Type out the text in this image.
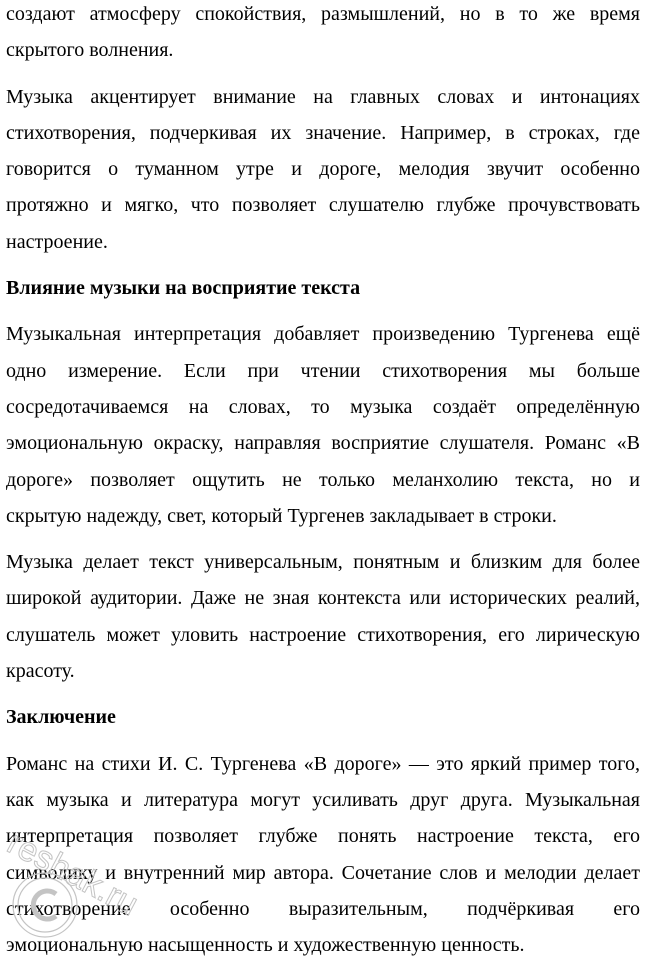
создают атмосферу спокойствия, размышлений, но в то же время
скрытого волнения.
Музыка акцентирует внимание на главных словах и интонациях
стихотворения, подчеркивая их значение. Например, в строках, где
говорится о туманном утре и дороге, мелодия звучит особенно
протяжно и мягко, что позволяет слушателю глубже прочувствовать
настроение.
Влияние музыки на восприятие текста
Музыкальная интерпретация добавляет произведению Тургенева ещё
одно измерение. Если при чтении стихотворения мы больше
сосредотачиваемся на словах, то музыка создаёт определённую
эмоциональную окраску, направляя восприятие слушателя. Романс «В
дороге» позволяет ощутить не только меланхолию текста, но и
скрытую надежду, свет, который Тургенев закладывает в строки.
Музыка делает текст универсальным, понятным и близким для более
широкой аудитории. Даже не зная контекста или исторических реалий,
слушатель может уловить настроение стихотворения, его лирическую
красоту.
Заключение
Романс на стихи И. С. Тургенева «В дороге» — это яркий пример того,
как музыка и литература могут усиливать друг друга. Музыкальная
интерпретация позволяет глубже понять настроение текста, его
символику и внутренний мир автора. Сочетание слов и мелодии делает
стихотворение особенно выразительным, подчёркивая его
эмоциональную насыщенность и художественную ценность.
reshak.ru
